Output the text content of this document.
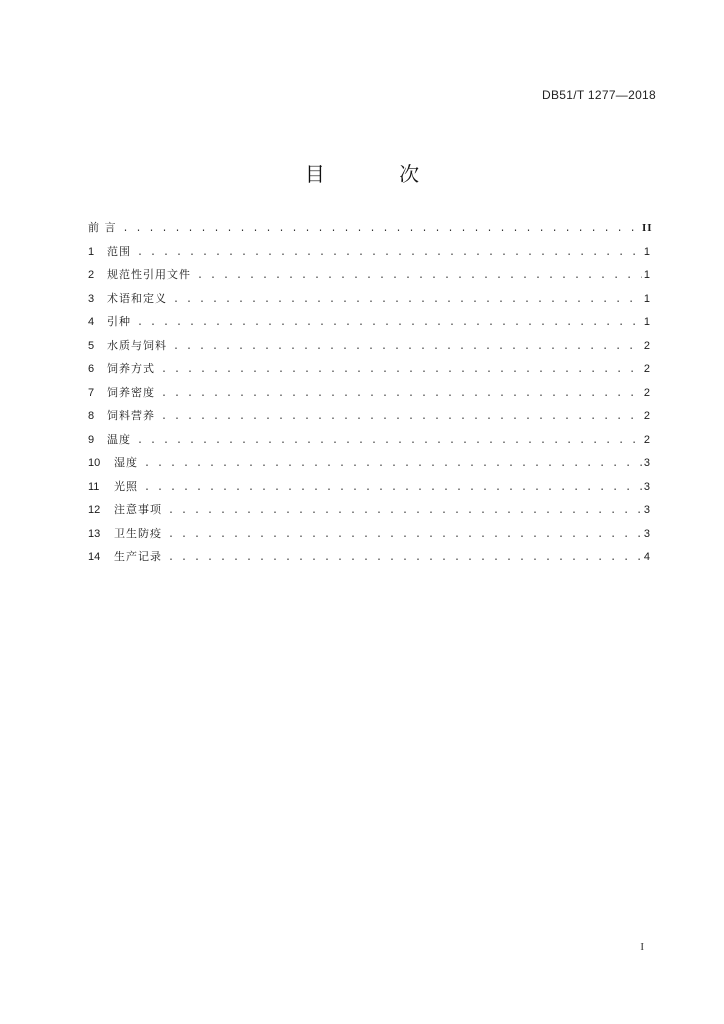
DB51/T 1277—2018
目 次
前 言 . . .	II
1	范围 . . .	1
2	规范性引用文件 . . .	1
3	术语和定义 . . .	1
4	引种 . . .	1
5	水质与饲料 . . .	2
6	饲养方式 . . .	2
7	饲养密度 . . .	2
8	饲料营养 . . .	2
9	温度 . . .	2
10	湿度 . . .	3
11	光照 . . .	3
12	注意事项 . . .	3
13	卫生防疫 . . .	3
14	生产记录 . . .	4
I
